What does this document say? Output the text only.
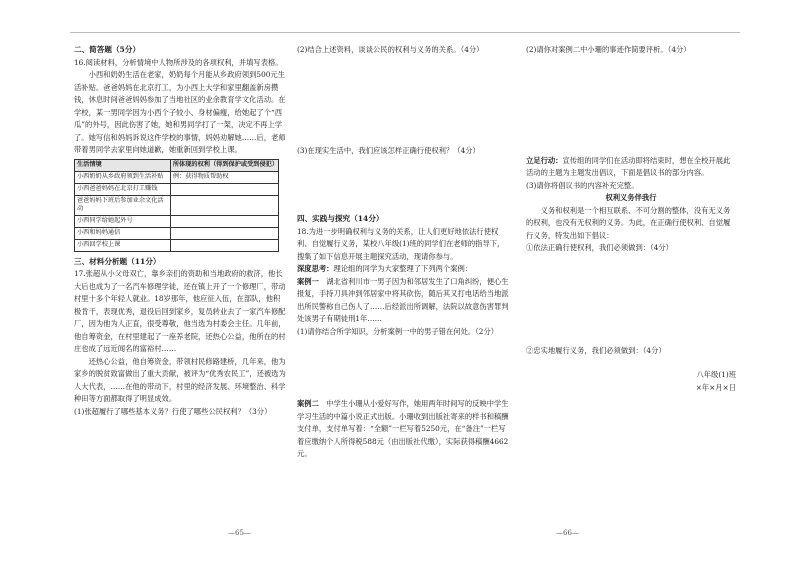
二、简答题（5分）

16.阅读材料，分析情境中人物所涉及的各项权利，并填写表格。

小西和奶奶生活在老家，奶奶每个月能从乡政府领到500元生活补贴。爸爸妈妈在北京打工，为小西上大学和家里翻盖新房攒钱，休息时间爸爸妈妈参加了当地社区的业余教育学文化活动。在学校，某一男同学因为小西个子较小、身材偏瘦，给她起了个“西瓜”的外号，因此伤害了她，她和男同学打了一架，决定不再上学了。她写信和妈妈诉说这件学校的事情，妈妈劝解她……后，老师带着男同学去家里向她道歉，她重新回到学校上课。

生活情境	所体现的权利（得到保护或受到侵犯）
小西奶奶从乡政府领到生活补贴	例：获得物质帮助权
小西爸爸妈妈在北京打工赚钱	
爸爸妈妈下班后参加业余文化活动	
小西同学给她起外号	
小西和妈妈通信	
小西回学校上课	
三、材料分析题（11分）

17.张超从小父母双亡，靠乡亲们的资助和当地政府的救济，他长大后也成为了一名汽车修理学徒，还在镇上开了一个修理厂，带动村里十多个年轻人就业。18岁那年，他应征入伍，在部队，他积极肯干，表现优秀，退役后回到家乡，复员转业去了一家汽车修配厂，因为他为人正直，很受尊敬，他当选为村委会主任。几年前，他自筹资金，在村里建起了一座养老院，还热心公益，他所在的村庄也成了远近闻名的富裕村……

还热心公益，他自筹资金，带领村民修路建桥，几年来，他为家乡的脱贫致富做出了重大贡献，被评为“优秀农民工”，还被选为人大代表，……在他的带动下，村里的经济发展、环境整治、科学种田等方面都取得了明显成效。

(1)张超履行了哪些基本义务？行使了哪些公民权利？（3分）

(2)结合上述资料，谈谈公民的权利与义务的关系。（4分）

(3)在现实生活中，我们应该怎样正确行使权利？（4分）

四、实践与探究（14分）

18.为进一步明确权利与义务的关系，让人们更好地依法行使权利、自觉履行义务，某校八年级(1)班的同学们在老师的指导下，搜集了如下信息开展主题探究活动，现请你参与。

深度思考：理论组的同学为大家整理了下列两个案例：

案例一　 湖北省利川市一男子因为和邻居发生了口角纠纷，便心生报复，手持刀具冲到邻居家中将其砍伤，随后其又打电话给当地派出所民警称自己伤人了……后经派出所调解，法院以故意伤害罪判处该男子有期徒刑1年……

(1)请你结合所学知识，分析案例一中的男子错在何处。（2分）

案例二　 中学生小珊从小爱好写作，她用两年时间写的反映中学生学习生活的中篇小说正式出版。小珊收到出版社寄来的样书和稿酬支付单，支付单写着：“全额”一栏写着5250元，在“备注”一栏写着应缴纳个人所得税588元（由出版社代缴），实际获得稿酬4662元。

(2)请你对案例二中小珊的事迹作简要评析。（4分）

立足行动：宣传组的同学们在活动即将结束时，想在全校开展此活动的主题为主题发出倡议，下面是倡议书的部分内容。

(3)请你将倡议书的内容补充完整。

权利义务伴我行

义务和权利是一个相互联系、不可分割的整体，没有无义务的权利，也没有无权利的义务。为此，在正确行使权利、自觉履行义务，特发出如下倡议：

①依法正确行使权利，我们必须做到：（4分）

②忠实地履行义务，我们必须做到：（4分）

八年级(1)班
×年×月×日
—65—	—66—
